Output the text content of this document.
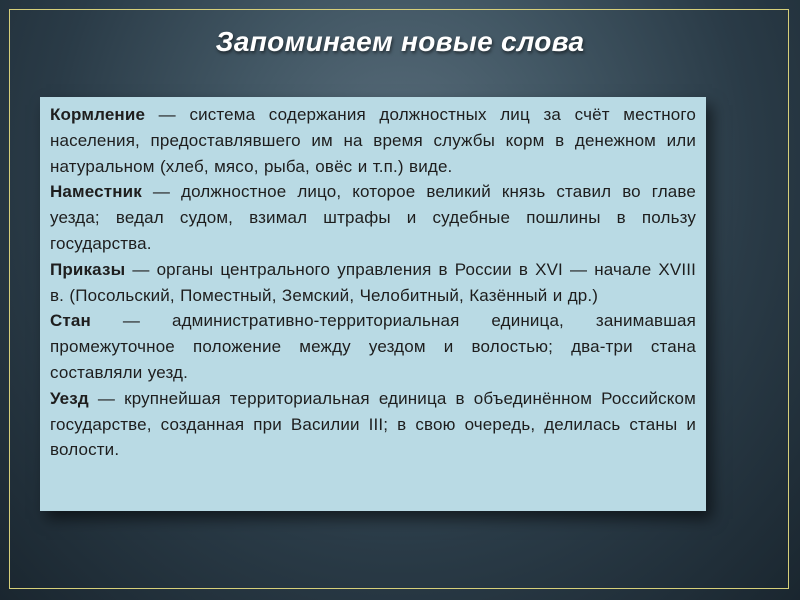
Запоминаем новые слова

Кормление — система содержания должностных лиц за счёт местного населения, предоставлявшего им на время службы корм в денежном или натуральном (хлеб, мясо, рыба, овёс и т.п.) виде.

Наместник — должностное лицо, которое великий князь ставил во главе уезда; ведал судом, взимал штрафы и судебные пошлины в пользу государства.

Приказы — органы центрального управления в России в XVI — начале XVIII в. (Посольский, Поместный, Земский, Челобитный, Казённый и др.)

Стан — административно-территориальная единица, занимавшая промежуточное положение между уездом и волостью; два-три стана составляли уезд.

Уезд — крупнейшая территориальная единица в объединённом Российском государстве, созданная при Василии III; в свою очередь, делилась станы и волости.
